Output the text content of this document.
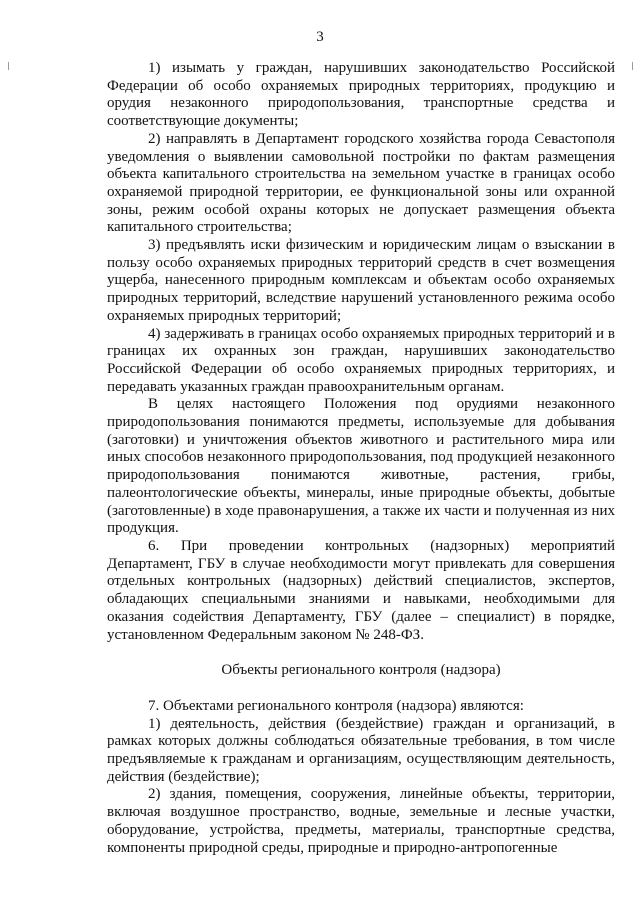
3

1) изымать у граждан, нарушивших законодательство Российской Федерации об особо охраняемых природных территориях, продукцию и орудия незаконного природопользования, транспортные средства и соответствующие документы;

2) направлять в Департамент городского хозяйства города Севастополя уведомления о выявлении самовольной постройки по фактам размещения объекта капитального строительства на земельном участке в границах особо охраняемой природной территории, ее функциональной зоны или охранной зоны, режим особой охраны которых не допускает размещения объекта капитального строительства;

3) предъявлять иски физическим и юридическим лицам о взыскании в пользу особо охраняемых природных территорий средств в счет возмещения ущерба, нанесенного природным комплексам и объектам особо охраняемых природных территорий, вследствие нарушений установленного режима особо охраняемых природных территорий;

4) задерживать в границах особо охраняемых природных территорий и в границах их охранных зон граждан, нарушивших законодательство Российской Федерации об особо охраняемых природных территориях, и передавать указанных граждан правоохранительным органам.

В целях настоящего Положения под орудиями незаконного природопользования понимаются предметы, используемые для добывания (заготовки) и уничтожения объектов животного и растительного мира или иных способов незаконного природопользования, под продукцией незаконного природопользования понимаются животные, растения, грибы, палеонтологические объекты, минералы, иные природные объекты, добытые (заготовленные) в ходе правонарушения, а также их части и полученная из них продукция.

6. При проведении контрольных (надзорных) мероприятий Департамент, ГБУ в случае необходимости могут привлекать для совершения отдельных контрольных (надзорных) действий специалистов, экспертов, обладающих специальными знаниями и навыками, необходимыми для оказания содействия Департаменту, ГБУ (далее – специалист) в порядке, установленном Федеральным законом № 248-ФЗ.

Объекты регионального контроля (надзора)

7. Объектами регионального контроля (надзора) являются:

1) деятельность, действия (бездействие) граждан и организаций, в рамках которых должны соблюдаться обязательные требования, в том числе предъявляемые к гражданам и организациям, осуществляющим деятельность, действия (бездействие);

2) здания, помещения, сооружения, линейные объекты, территории, включая воздушное пространство, водные, земельные и лесные участки, оборудование, устройства, предметы, материалы, транспортные средства, компоненты природной среды, природные и природно-антропогенные
